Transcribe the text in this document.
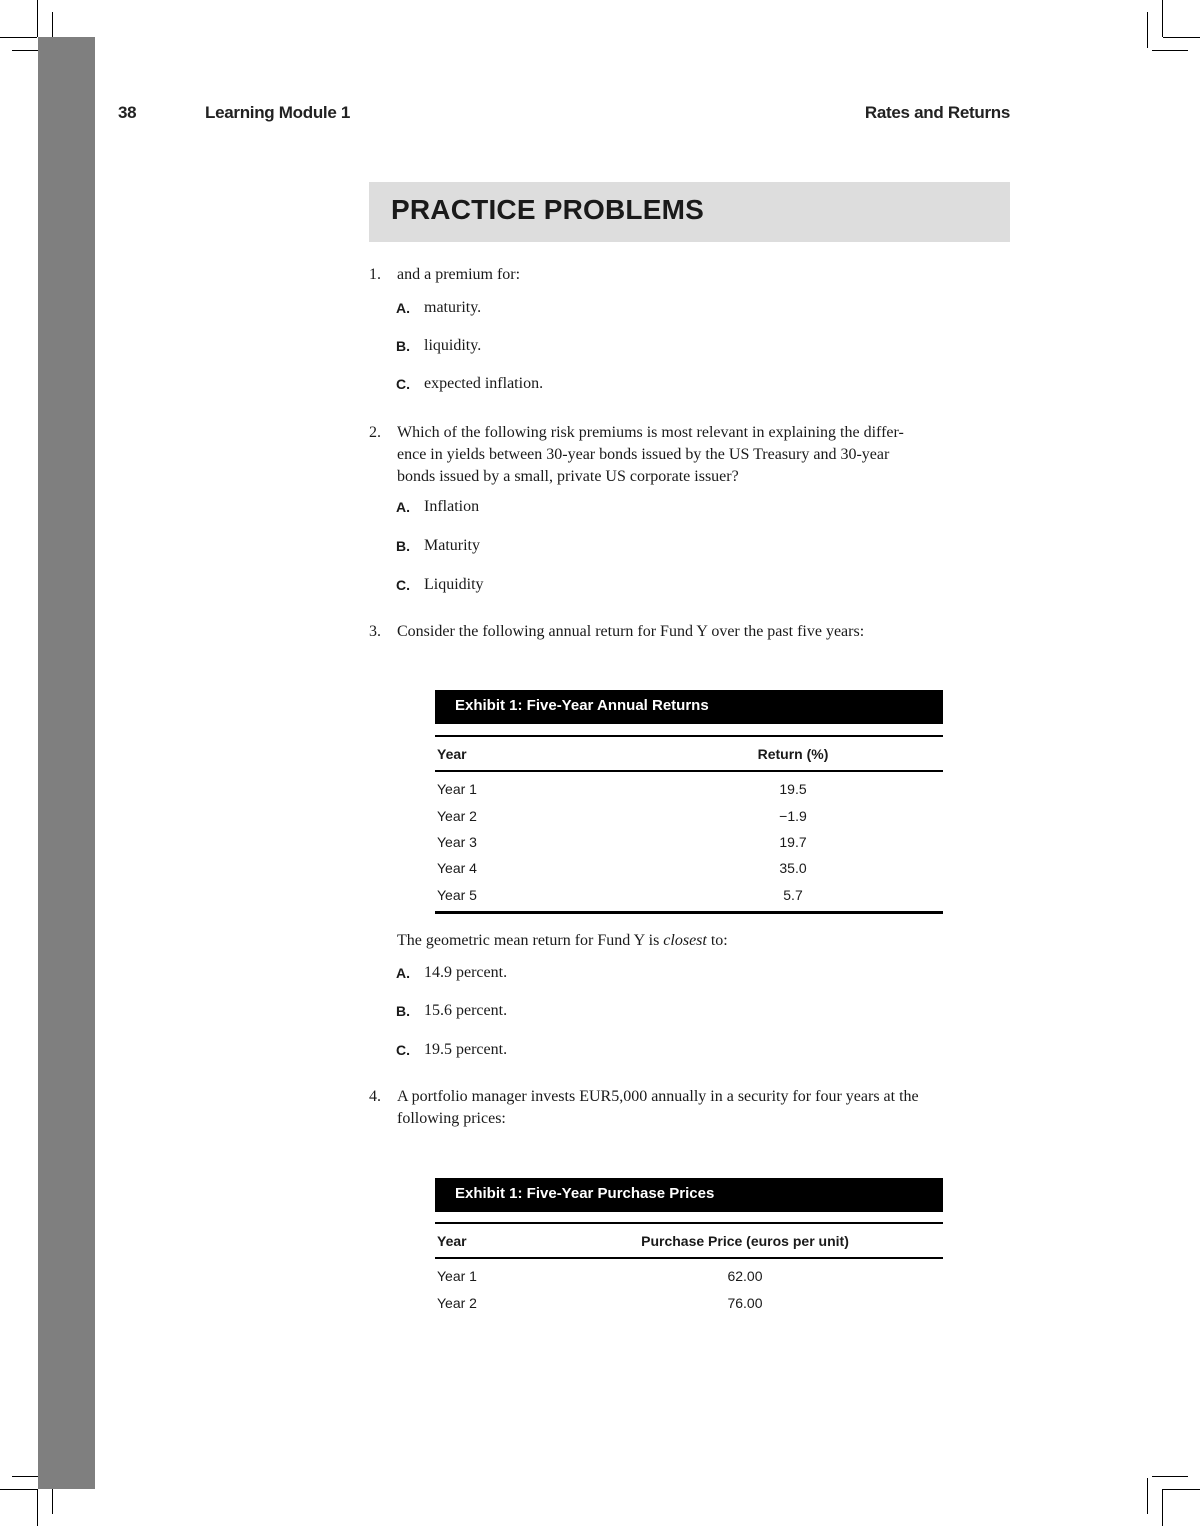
38	Learning Module 1	Rates and Returns
PRACTICE PROBLEMS
1. and a premium for:
A. maturity.
B. liquidity.
C. expected inflation.
2. Which of the following risk premiums is most relevant in explaining the differ-
ence in yields between 30-year bonds issued by the US Treasury and 30-year
bonds issued by a small, private US corporate issuer?
A. Inflation
B. Maturity
C. Liquidity
3. Consider the following annual return for Fund Y over the past five years:
Exhibit 1: Five-Year Annual Returns
Year	Return (%)
Year 1	19.5
Year 2	−1.9
Year 3	19.7
Year 4	35.0
Year 5	5.7
The geometric mean return for Fund Y is closest to:
A. 14.9 percent.
B. 15.6 percent.
C. 19.5 percent.
4. A portfolio manager invests EUR5,000 annually in a security for four years at the
following prices:
Exhibit 1: Five-Year Purchase Prices
Year	Purchase Price (euros per unit)
Year 1	62.00
Year 2	76.00
